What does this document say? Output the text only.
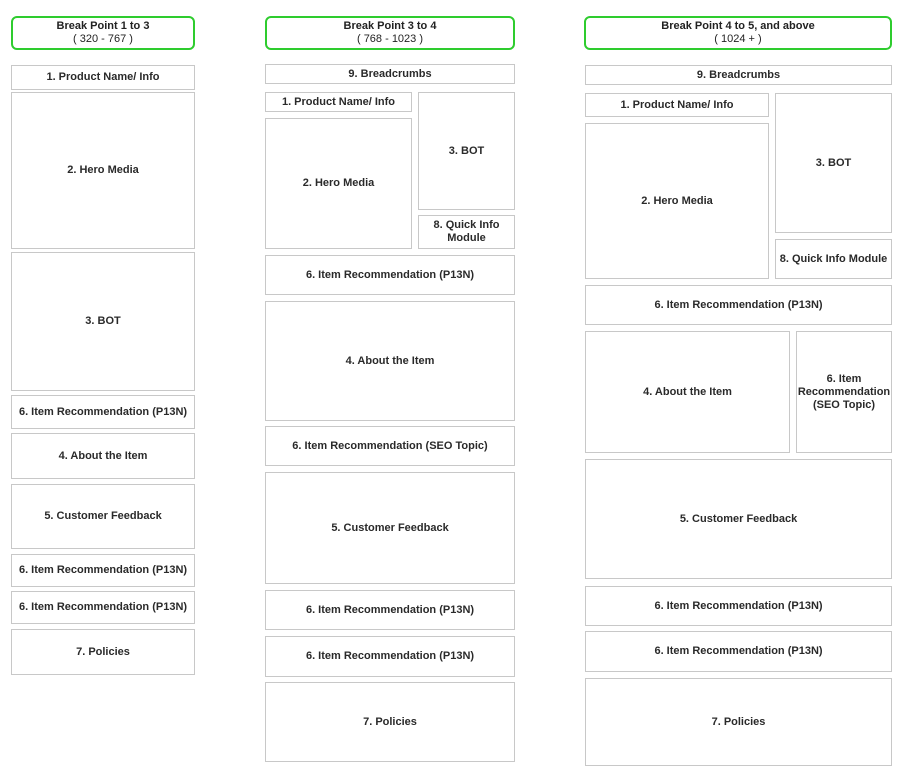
Break Point 1 to 3
( 320 - 767 )
1. Product Name/ Info
2. Hero Media
3. BOT
6. Item Recommendation (P13N)
4. About the Item
5. Customer Feedback
6. Item Recommendation (P13N)
6. Item Recommendation (P13N)
7. Policies
Break Point 3 to 4
( 768 - 1023 )
9. Breadcrumbs
1. Product Name/ Info
3. BOT
2. Hero Media
8. Quick Info Module
6. Item Recommendation (P13N)
4. About the Item
6. Item Recommendation (SEO Topic)
5. Customer Feedback
6. Item Recommendation (P13N)
6. Item Recommendation (P13N)
7. Policies
Break Point 4 to 5, and above
( 1024 + )
9. Breadcrumbs
1. Product Name/ Info
3. BOT
2. Hero Media
8. Quick Info Module
6. Item Recommendation (P13N)
4. About the Item
6. Item Recommendation (SEO Topic)
5. Customer Feedback
6. Item Recommendation (P13N)
6. Item Recommendation (P13N)
7. Policies
